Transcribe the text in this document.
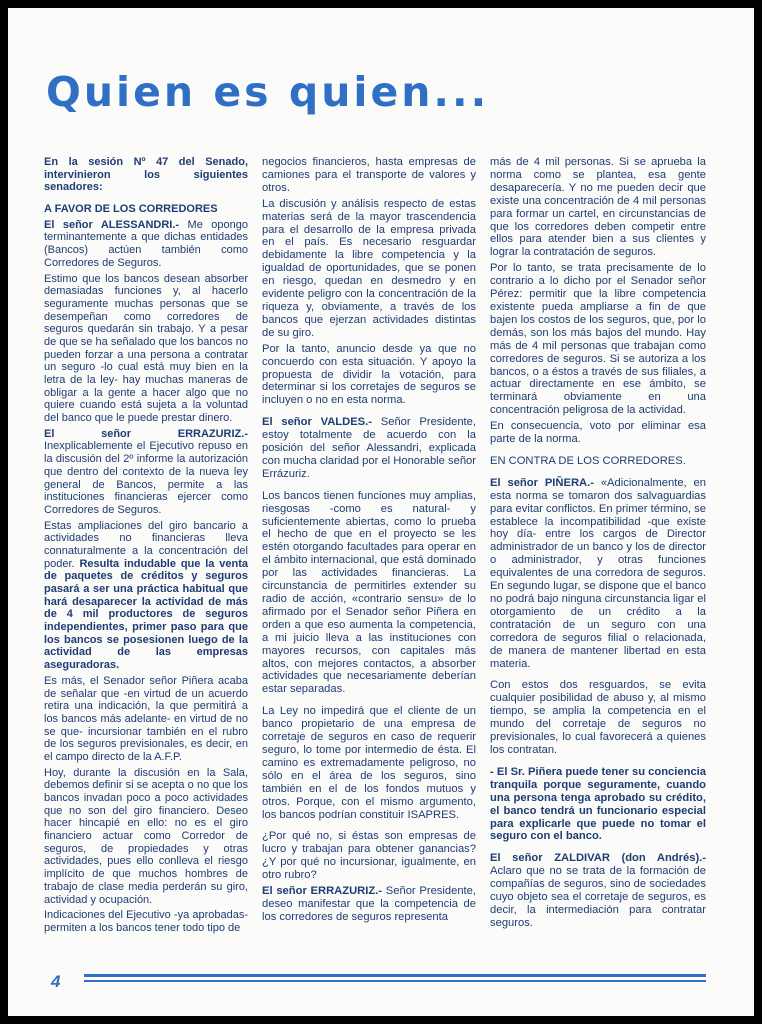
Quien es quien...

En la sesión Nº 47 del Senado, intervinieron los siguientes senadores:

A FAVOR DE LOS CORREDORES

El señor ALESSANDRI.- Me opongo terminantemente a que dichas entidades (Bancos) actúen también como Corredores de Seguros.

Estimo que los bancos desean absorber demasiadas funciones y, al hacerlo seguramente muchas personas que se desempeñan como corredores de seguros quedarán sin trabajo. Y a pesar de que se ha señalado que los bancos no pueden forzar a una persona a contratar un seguro -lo cual está muy bien en la letra de la ley- hay muchas maneras de obligar a la gente a hacer algo que no quiere cuando está sujeta a la voluntad del banco que le puede prestar dinero.

El señor ERRAZURIZ.- Inexplicablemente el Ejecutivo repuso en la discusión del 2º informe la autorización que dentro del contexto de la nueva ley general de Bancos, permite a las instituciones financieras ejercer como Corredores de Seguros.

Estas ampliaciones del giro bancario a actividades no financieras lleva connaturalmente a la concentración del poder. Resulta indudable que la venta de paquetes de créditos y seguros pasará a ser una práctica habitual que hará desaparecer la actividad de más de 4 mil productores de seguros independientes, primer paso para que los bancos se posesionen luego de la actividad de las empresas aseguradoras.

Es más, el Senador señor Piñera acaba de señalar que -en virtud de un acuerdo retira una indicación, la que permitirá a los bancos más adelante- en virtud de no se que- incursionar también en el rubro de los seguros previsionales, es decir, en el campo directo de la A.F.P.

Hoy, durante la discusión en la Sala, debemos definir si se acepta o no que los bancos invadan poco a poco actividades que no son del giro financiero. Deseo hacer hincapié en ello: no es el giro financiero actuar como Corredor de seguros, de propiedades y otras actividades, pues ello conlleva el riesgo implícito de que muchos hombres de trabajo de clase media perderán su giro, actividad y ocupación.

Indicaciones del Ejecutivo -ya aprobadas- permiten a los bancos tener todo tipo de

negocios financieros, hasta empresas de camiones para el transporte de valores y otros.

La discusión y análisis respecto de estas materias será de la mayor trascendencia para el desarrollo de la empresa privada en el país. Es necesario resguardar debidamente la libre competencia y la igualdad de oportunidades, que se ponen en riesgo, quedan en desmedro y en evidente peligro con la concentración de la riqueza y, obviamente, a través de los bancos que ejerzan actividades distintas de su giro.

Por la tanto, anuncio desde ya que no concuerdo con esta situación. Y apoyo la propuesta de dividir la votación, para determinar si los corretajes de seguros se incluyen o no en esta norma.

El señor VALDES.- Señor Presidente, estoy totalmente de acuerdo con la posición del señor Alessandri, explicada con mucha claridad por el Honorable señor Errázuriz.

Los bancos tienen funciones muy amplias, riesgosas -como es natural- y suficientemente abiertas, como lo prueba el hecho de que en el proyecto se les estén otorgando facultades para operar en el ámbito internacional, que está dominado por las actividades financieras. La circunstancia de permitirles extender su radio de acción, «contrario sensu» de lo afirmado por el Senador señor Piñera en orden a que eso aumenta la competencia, a mi juicio lleva a las instituciones con mayores recursos, con capitales más altos, con mejores contactos, a absorber actividades que necesariamente deberían estar separadas.

La Ley no impedirá que el cliente de un banco propietario de una empresa de corretaje de seguros en caso de requerir seguro, lo tome por intermedio de ésta. El camino es extremadamente peligroso, no sólo en el área de los seguros, sino también en el de los fondos mutuos y otros. Porque, con el mismo argumento, los bancos podrían constituir ISAPRES.

¿Por qué no, si éstas son empresas de lucro y trabajan para obtener ganancias? ¿Y por qué no incursionar, igualmente, en otro rubro?

El señor ERRAZURIZ.- Señor Presidente, deseo manifestar que la competencia de los corredores de seguros representa

más de 4 mil personas. Si se aprueba la norma como se plantea, esa gente desaparecería. Y no me pueden decir que existe una concentración de 4 mil personas para formar un cartel, en circunstancias de que los corredores deben competir entre ellos para atender bien a sus clientes y lograr la contratación de seguros.

Por lo tanto, se trata precisamente de lo contrario a lo dicho por el Senador señor Pérez: permitir que la libre competencia existente pueda ampliarse a fin de que bajen los costos de los seguros, que, por lo demás, son los más bajos del mundo. Hay más de 4 mil personas que trabajan como corredores de seguros. Si se autoriza a los bancos, o a éstos a través de sus filiales, a actuar directamente en ese ámbito, se terminará obviamente en una concentración peligrosa de la actividad.

En consecuencia, voto por eliminar esa parte de la norma.

EN CONTRA DE LOS CORREDORES.

El señor PIÑERA.- «Adicionalmente, en esta norma se tomaron dos salvaguardias para evitar conflictos. En primer término, se establece la incompatibilidad -que existe hoy día- entre los cargos de Director administrador de un banco y los de director o administrador, y otras funciones equivalentes de una corredora de seguros. En segundo lugar, se dispone que el banco no podrá bajo ninguna circunstancia ligar el otorgamiento de un crédito a la contratación de un seguro con una corredora de seguros filial o relacionada, de manera de mantener libertad en esta materia.

Con estos dos resguardos, se evita cualquier posibilidad de abuso y, al mismo tiempo, se amplia la competencia en el mundo del corretaje de seguros no previsionales, lo cual favorecerá a quienes los contratan.

- El Sr. Piñera puede tener su conciencia tranquila porque seguramente, cuando una persona tenga aprobado su crédito, el banco tendrá un funcionario especial para explicarle que puede no tomar el seguro con el banco.

El señor ZALDIVAR (don Andrés).- Aclaro que no se trata de la formación de compañías de seguros, sino de sociedades cuyo objeto sea el corretaje de seguros, es decir, la intermediación para contratar seguros.

4
